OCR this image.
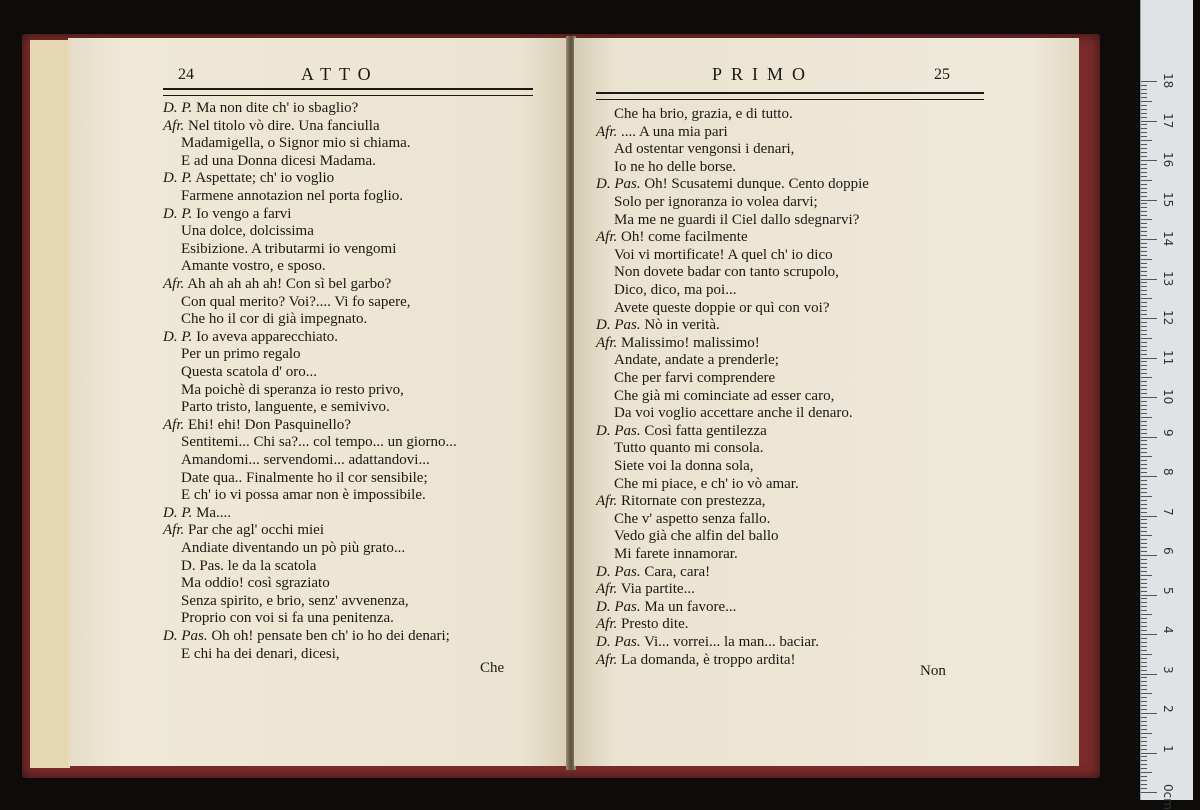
24	ATTO
D. P. Ma non dite ch' io sbaglio?
Afr. Nel titolo vò dire. Una fanciulla
Madamigella, o Signor mio si chiama.
E ad una Donna dicesi Madama.
D. P. Aspettate; ch' io voglio
Farmene annotazion nel porta foglio.
D. P. Io vengo a farvi
Una dolce, dolcissima
Esibizione. A tributarmi io vengomi
Amante vostro, e sposo.
Afr. Ah ah ah ah ah! Con sì bel garbo?
Con qual merito? Voi?.... Vi fo sapere,
Che ho il cor di già impegnato.
D. P. Io aveva apparecchiato.
Per un primo regalo
Questa scatola d' oro...
Ma poichè di speranza io resto privo,
Parto tristo, languente, e semivivo.
Afr. Ehi! ehi! Don Pasquinello?
Sentitemi... Chi sa?... col tempo... un giorno...
Amandomi... servendomi... adattandovi...
Date qua.. Finalmente ho il cor sensibile;
E ch' io vi possa amar non è impossibile.
D. P. Ma....
Afr. Par che agl' occhi miei
Andiate diventando un pò più grato...
D. Pas. le da la scatola
Ma oddio! così sgraziato
Senza spirito, e brio, senz' avvenenza,
Proprio con voi si fa una penitenza.
D. Pas. Oh oh! pensate ben ch' io ho dei denari;
E chi ha dei denari, dicesi,
Che
PRIMO	25
Che ha brio, grazia, e di tutto.
Afr. .... A una mia pari
Ad ostentar vengonsi i denari,
Io ne ho delle borse.
D. Pas. Oh! Scusatemi dunque. Cento doppie
Solo per ignoranza io volea darvi;
Ma me ne guardi il Ciel dallo sdegnarvi?
Afr. Oh! come facilmente
Voi vi mortificate! A quel ch' io dico
Non dovete badar con tanto scrupolo,
Dico, dico, ma poi...
Avete queste doppie or quì con voi?
D. Pas. Nò in verità.
Afr. Malissimo! malissimo!
Andate, andate a prenderle;
Che per farvi comprendere
Che già mi cominciate ad esser caro,
Da voi voglio accettare anche il denaro.
D. Pas. Così fatta gentilezza
Tutto quanto mi consola.
Siete voi la donna sola,
Che mi piace, e ch' io vò amar.
Afr. Ritornate con prestezza,
Che v' aspetto senza fallo.
Vedo già che alfin del ballo
Mi farete innamorar.
D. Pas. Cara, cara!
Afr. Via partite...
D. Pas. Ma un favore...
Afr. Presto dite.
D. Pas. Vi... vorrei... la man... baciar.
Afr. La domanda, è troppo ardita!
Non
0cm
1
2
3
4
5
6
7
8
9
10
11
12
13
14
15
16
17
18
